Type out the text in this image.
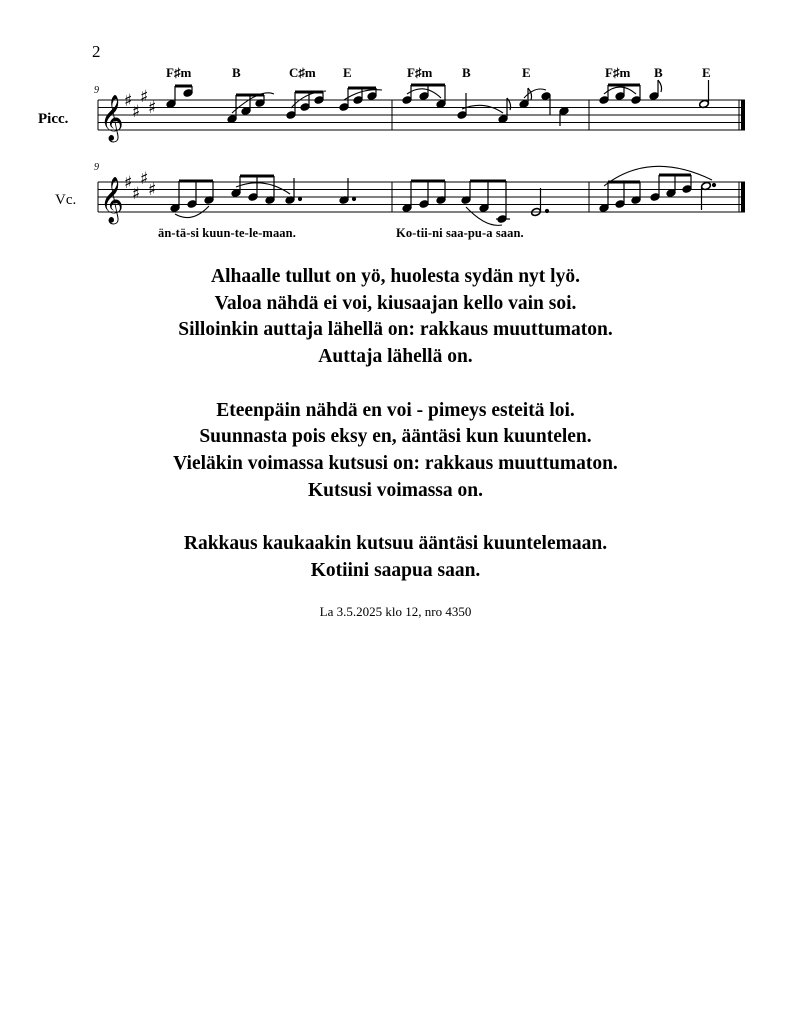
2
Picc.
Vc.
F♯m	B	C♯m E	F♯m B	E	F♯m B	E
9
9
𝄞 ♯
♯
♯
♯
𝄞 ♯
♯
♯
♯
än-tä-si kuun-te-le-maan.	Ko-tii-ni saa-pu-a saan.
Alhaalle tullut on yö, huolesta sydän nyt lyö.
Valoa nähdä ei voi, kiusaajan kello vain soi.
Silloinkin auttaja lähellä on: rakkaus muuttumaton.
Auttaja lähellä on.
Eteenpäin nähdä en voi - pimeys esteitä loi.
Suunnasta pois eksy en, ääntäsi kun kuuntelen.
Vieläkin voimassa kutsusi on: rakkaus muuttumaton.
Kutsusi voimassa on.
Rakkaus kaukaakin kutsuu ääntäsi kuuntelemaan.
Kotiini saapua saan.
La 3.5.2025 klo 12, nro 4350
